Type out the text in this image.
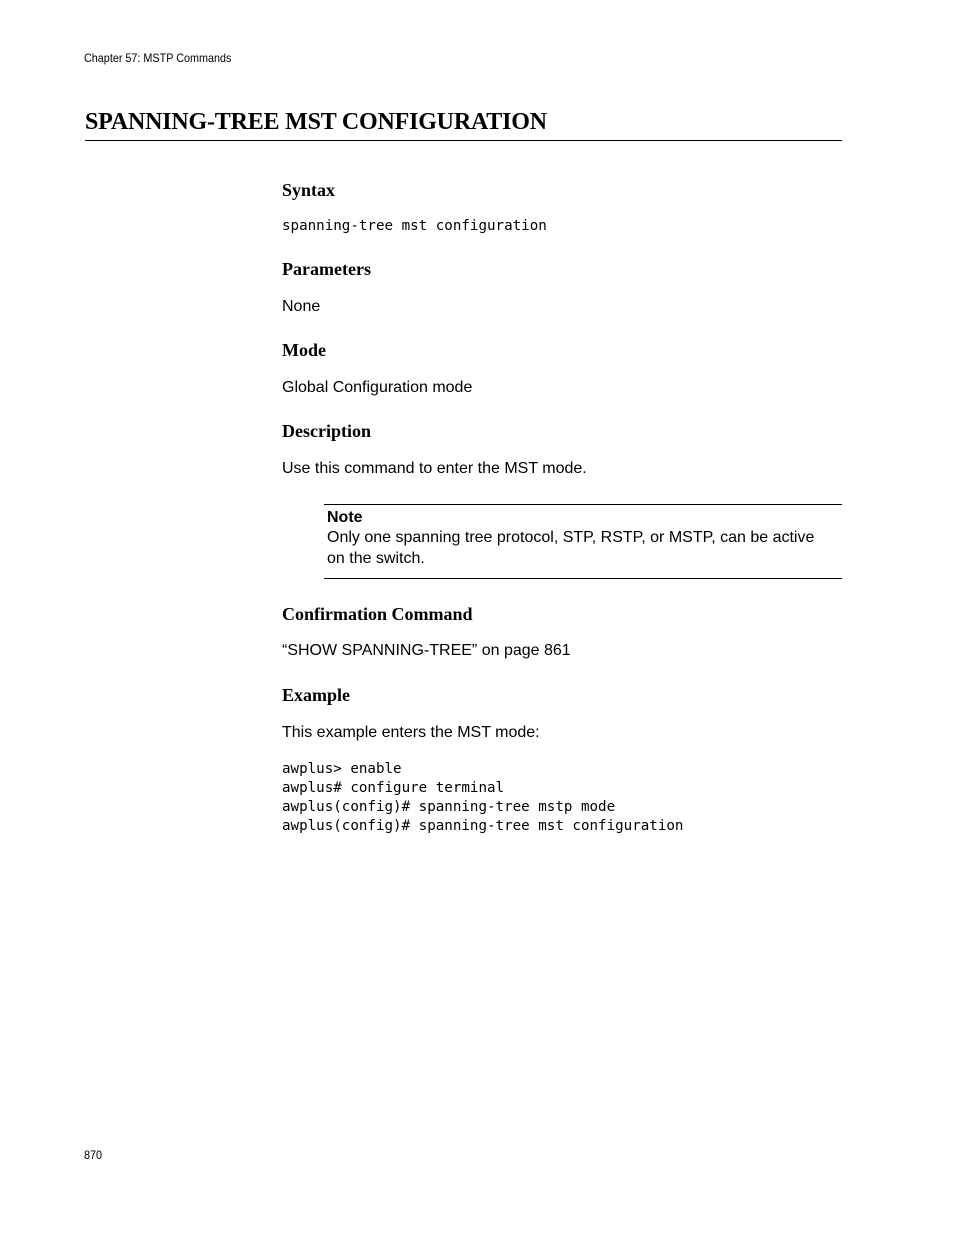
Chapter 57: MSTP Commands
SPANNING-TREE MST CONFIGURATION
Syntax
spanning-tree mst configuration
Parameters

None

Mode

Global Configuration mode

Description

Use this command to enter the MST mode.

Note
Only one spanning tree protocol, STP, RSTP, or MSTP, can be active on the switch.
Confirmation Command

“SHOW SPANNING-TREE” on page 861

Example

This example enters the MST mode:

awplus> enable
awplus# configure terminal
awplus(config)# spanning-tree mstp mode
awplus(config)# spanning-tree mst configuration
870
